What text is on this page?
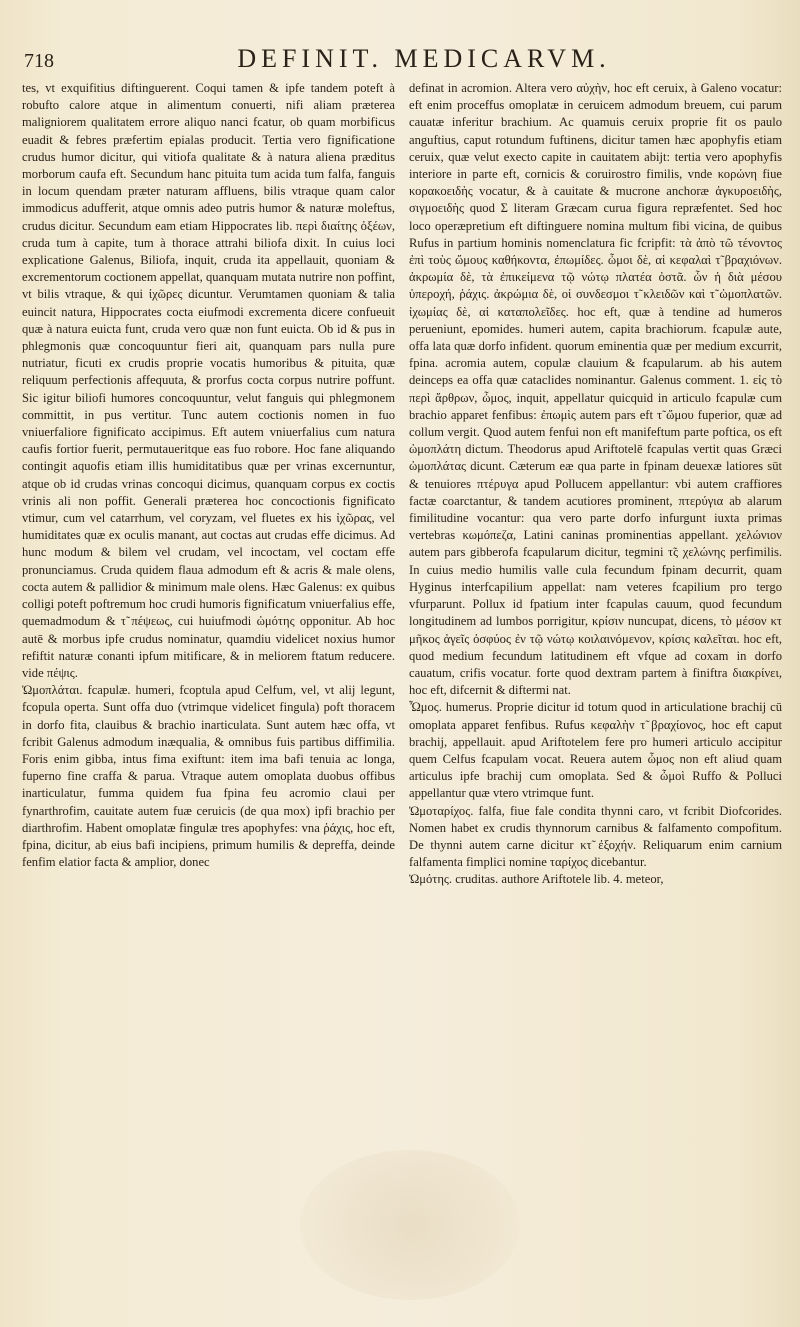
718	DEFINIT. MEDICARVM.

tes, vt exquifitius diftinguerent. Coqui tamen & ipfe tandem poteft à robufto calore atque in alimentum conuerti, nifi aliam præterea maligniorem qualitatem errore aliquo nanci fcatur, ob quam morbificus euadit & febres præfertim epialas producit. Tertia vero fignificatione crudus humor dicitur, qui vitiofa qualitate & à natura aliena præditus morborum caufa eft. Secundum hanc pituita tum acida tum falfa, fanguis in locum quendam præter naturam affluens, bilis vtraque quam calor immodicus adufferit, atque omnis adeo putris humor & naturæ moleftus, crudus dicitur. Secundum eam etiam Hippocrates lib. περὶ διαίτης ὀξέων, cruda tum à capite, tum à thorace attrahi biliofa dixit. In cuius loci explicatione Galenus, Biliofa, inquit, cruda ita appellauit, quoniam & excrementorum coctionem appellat, quanquam mutata nutrire non poffint, vt bilis vtraque, & qui ἰχῶρες dicuntur. Verumtamen quoniam & talia euincit natura, Hippocrates cocta eiufmodi excrementa dicere confueuit quæ à natura euicta funt, cruda vero quæ non funt euicta. Ob id & pus in phlegmonis quæ concoquuntur fieri ait, quanquam pars nulla pure nutriatur, ficuti ex crudis proprie vocatis humoribus & pituita, quæ reliquum perfectionis affequuta, & prorfus cocta corpus nutrire poffunt. Sic igitur biliofi humores concoquuntur, velut fanguis qui phlegmonem committit, in pus vertitur. Tunc autem coctionis nomen in fuo vniuerfaliore fignificato accipimus. Eft autem vniuerfalius cum natura caufis fortior fuerit, permutaueritque eas fuo robore. Hoc fane aliquando contingit aquofis etiam illis humiditatibus quæ per vrinas excernuntur, atque ob id crudas vrinas concoqui dicimus, quanquam corpus ex coctis vrinis ali non poffit. Generali præterea hoc concoctionis fignificato vtimur, cum vel catarrhum, vel coryzam, vel fluetes ex his ἰχῶρας, vel humiditates quæ ex oculis manant, aut coctas aut crudas effe dicimus. Ad hunc modum & bilem vel crudam, vel incoctam, vel coctam effe pronunciamus. Cruda quidem flaua admodum eft & acris & male olens, cocta autem & pallidior & minimum male olens. Hæc Galenus: ex quibus colligi poteft poftremum hoc crudi humoris fignificatum vniuerfalius effe, quemadmodum & τ̃ πέψεως, cui huiufmodi ὠμότης opponitur. Ab hoc autē & morbus ipfe crudus nominatur, quamdiu videlicet noxius humor refiftit naturæ conanti ipfum mitificare, & in meliorem ftatum reducere. vide πέψις.

Ὠμοπλάται. fcapulæ. humeri, fcoptula apud Celfum, vel, vt alij legunt, fcopula operta. Sunt offa duo (vtrimque videlicet fingula) poft thoracem in dorfo fita, clauibus & brachio inarticulata. Sunt autem hæc offa, vt fcribit Galenus admodum inæqualia, & omnibus fuis partibus diffimilia. Foris enim gibba, intus fima exiftunt: item ima bafi tenuia ac longa, fuperno fine craffa & parua. Vtraque autem omoplata duobus offibus inarticulatur, fumma quidem fua fpina feu acromio claui per fynarthrofim, cauitate autem fuæ ceruicis (de qua mox) ipfi brachio per diarthrofim. Habent omoplatæ fingulæ tres apophyfes: vna ῥάχις, hoc eft, fpina, dicitur, ab eius bafi incipiens, primum humilis & depreffa, deinde fenfim elatior facta & amplior, donec

definat in acromion. Altera vero αὐχὴν, hoc eft ceruix, à Galeno vocatur: eft enim proceffus omoplatæ in ceruicem admodum breuem, cui parum cauatæ inferitur brachium. Ac quamuis ceruix proprie fit os paulo anguftius, caput rotundum fuftinens, dicitur tamen hæc apophyfis etiam ceruix, quæ velut execto capite in cauitatem abijt: tertia vero apophyfis interiore in parte eft, cornicis & coruirostro fimilis, vnde κορώνη fiue κορακοειδὴς vocatur, & à cauitate & mucrone anchoræ ἀγκυροειδὴς, σιγμοειδὴς quod Σ literam Græcam curua figura repræfentet. Sed hoc loco operæpretium eft diftinguere nomina multum fibi vicina, de quibus Rufus in partium hominis nomenclatura fic fcripfit: τὰ ἀπὸ τῶ τένοντος ἐπὶ τοὺς ὤμους καθήκοντα, ἐπωμίδες. ὦμοι δὲ, αἱ κεφαλαὶ τ̃ βραχιόνων. ἀκρωμία δὲ, τὰ ἐπικείμενα τῷ νώτῳ πλατέα ὀστᾶ. ὧν ἡ διὰ μέσου ὑπεροχή, ῥάχις. ἀκρώμια δὲ, οἱ συνδεσμοι τ̃ κλειδῶν καὶ τ̃ ὠμοπλατῶν. ἰχωμίας δὲ, αἱ καταπολεῖδες. hoc eft, quæ à tendine ad humeros perueniunt, epomides. humeri autem, capita brachiorum. fcapulæ aute, offa lata quæ dorfo infident. quorum eminentia quæ per medium excurrit, fpina. acromia autem, copulæ clauium & fcapularum. ab his autem deinceps ea offa quæ cataclides nominantur. Galenus comment. 1. εἰς τὸ περὶ ἄρθρων, ὦμος, inquit, appellatur quicquid in articulo fcapulæ cum brachio apparet fenfibus: ἐπωμὶς autem pars eft τ̃ ὤμου fuperior, quæ ad collum vergit. Quod autem fenfui non eft manifeftum parte poftica, os eft ὠμοπλάτη dictum. Theodorus apud Ariftotelē fcapulas vertit quas Græci ὠμοπλάτας dicunt. Cæterum eæ qua parte in fpinam deuexæ latiores sūt & tenuiores πτέρυγα apud Pollucem appellantur: vbi autem craffiores factæ coarctantur, & tandem acutiores prominent, πτερύγια ab alarum fimilitudine vocantur: qua vero parte dorfo infurgunt iuxta primas vertebras κωμόπεζα, Latini caninas prominentias appellant. χελώνιον autem pars gibberofa fcapularum dicitur, tegmini τ̃ς χελώνης perfimilis. In cuius medio humilis valle cula fecundum fpinam decurrit, quam Hyginus interfcapilium appellat: nam veteres fcapilium pro tergo vfurparunt. Pollux id fpatium inter fcapulas cauum, quod fecundum longitudinem ad lumbos porrigitur, κρίσιν nuncupat, dicens, τὸ μέσον κτ̃ μῆκος ἀγεῖς ὀσφύος ἐν τῷ νώτῳ κοιλαινόμενον, κρίσις καλεῖται. hoc eft, quod medium fecundum latitudinem eft vfque ad coxam in dorfo cauatum, crifis vocatur. forte quod dextram partem à finiftra διακρίνει, hoc eft, difcernit & diftermi nat.

Ὦμος. humerus. Proprie dicitur id totum quod in articulatione brachij cū omoplata apparet fenfibus. Rufus κεφαλὴν τ̃ βραχίονος, hoc eft caput brachij, appellauit. apud Ariftotelem fere pro humeri articulo accipitur quem Celfus fcapulam vocat. Reuera autem ὦμος non eft aliud quam articulus ipfe brachij cum omoplata. Sed & ὦμοὶ Ruffo & Polluci appellantur quæ vtero vtrimque funt.

Ὠμοταρίχος. falfa, fiue fale condita thynni caro, vt fcribit Diofcorides. Nomen habet ex crudis thynnorum carnibus & falfamento compofitum. De thynni autem carne dicitur κτ̃ ἐξοχήν. Reliquarum enim carnium falfamenta fimplici nomine ταρίχος dicebantur.

Ὠμότης. cruditas. authore Ariftotele lib. 4. meteor,
